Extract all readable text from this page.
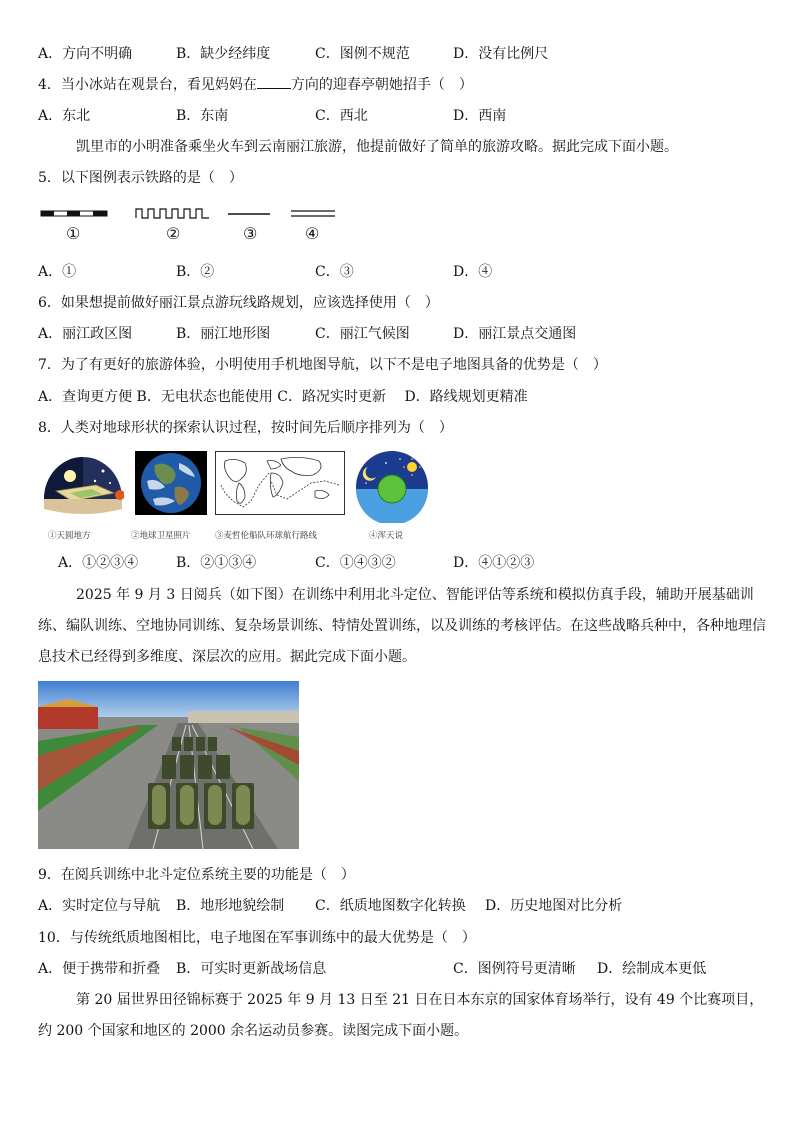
A．方向不明确	B．缺少经纬度	C．图例不规范	D．没有比例尺
4．当小冰站在观景台，看见妈妈在 方向的迎春亭朝她招手（　）
A．东北	B．东南	C．西北	D．西南
凯里市的小明准备乘坐火车到云南丽江旅游，他提前做好了简单的旅游攻略。据此完成下面小题。
5．以下图例表示铁路的是（　）
①	②	③	④
A．①	B．②	C．③	D．④
6．如果想提前做好丽江景点游玩线路规划，应该选择使用（　）
A．丽江政区图	B．丽江地形图	C．丽江气候图	D．丽江景点交通图
7．为了有更好的旅游体验，小明使用手机地图导航，以下不是电子地图具备的优势是（　）
A．查询更方便 B．无电状态也能使用 C．路况实时更新　 D．路线规划更精准
8．人类对地球形状的探索认识过程，按时间先后顺序排列为（　）
①天圆地方	②地球卫星照片	③麦哲伦船队环球航行路线	④浑天说
A．①②③④	B．②①③④	C．①④③②	D．④①②③
2025 年 9 月 3 日阅兵（如下图）在训练中利用北斗定位、智能评估等系统和模拟仿真手段，辅助开展基础训练、编队训练、空地协同训练、复杂场景训练、特情处置训练，以及训练的考核评估。在这些战略兵种中，各种地理信息技术已经得到多维度、深层次的应用。据此完成下面小题。
9．在阅兵训练中北斗定位系统主要的功能是（　）
A．实时定位与导航 B．地形地貌绘制 C．纸质地图数字化转换 D．历史地图对比分析
10．与传统纸质地图相比，电子地图在军事训练中的最大优势是（　）
A．便于携带和折叠 B．可实时更新战场信息	C．图例符号更清晰 D．绘制成本更低
第 20 届世界田径锦标赛于 2025 年 9 月 13 日至 21 日在日本东京的国家体育场举行，设有 49 个比赛项目，约 200 个国家和地区的 2000 余名运动员参赛。读图完成下面小题。
